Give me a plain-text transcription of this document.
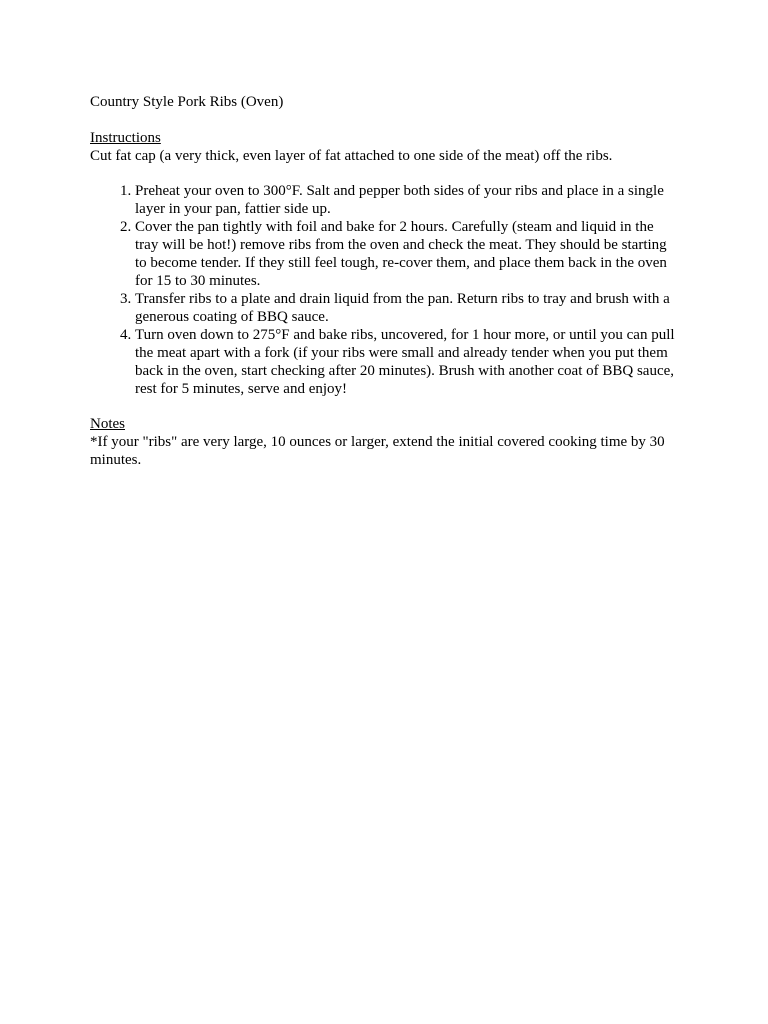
Country Style Pork Ribs (Oven)
Instructions
Cut fat cap (a very thick, even layer of fat attached to one side of the meat) off the ribs.
1. Preheat your oven to 300°F. Salt and pepper both sides of your ribs and place in a single layer in your pan, fattier side up.
2. Cover the pan tightly with foil and bake for 2 hours. Carefully (steam and liquid in the tray will be hot!) remove ribs from the oven and check the meat. They should be starting to become tender. If they still feel tough, re-cover them, and place them back in the oven for 15 to 30 minutes.
3. Transfer ribs to a plate and drain liquid from the pan. Return ribs to tray and brush with a generous coating of BBQ sauce.
4. Turn oven down to 275°F and bake ribs, uncovered, for 1 hour more, or until you can pull the meat apart with a fork (if your ribs were small and already tender when you put them back in the oven, start checking after 20 minutes). Brush with another coat of BBQ sauce, rest for 5 minutes, serve and enjoy!
Notes
*If your "ribs" are very large, 10 ounces or larger, extend the initial covered cooking time by 30 minutes.
